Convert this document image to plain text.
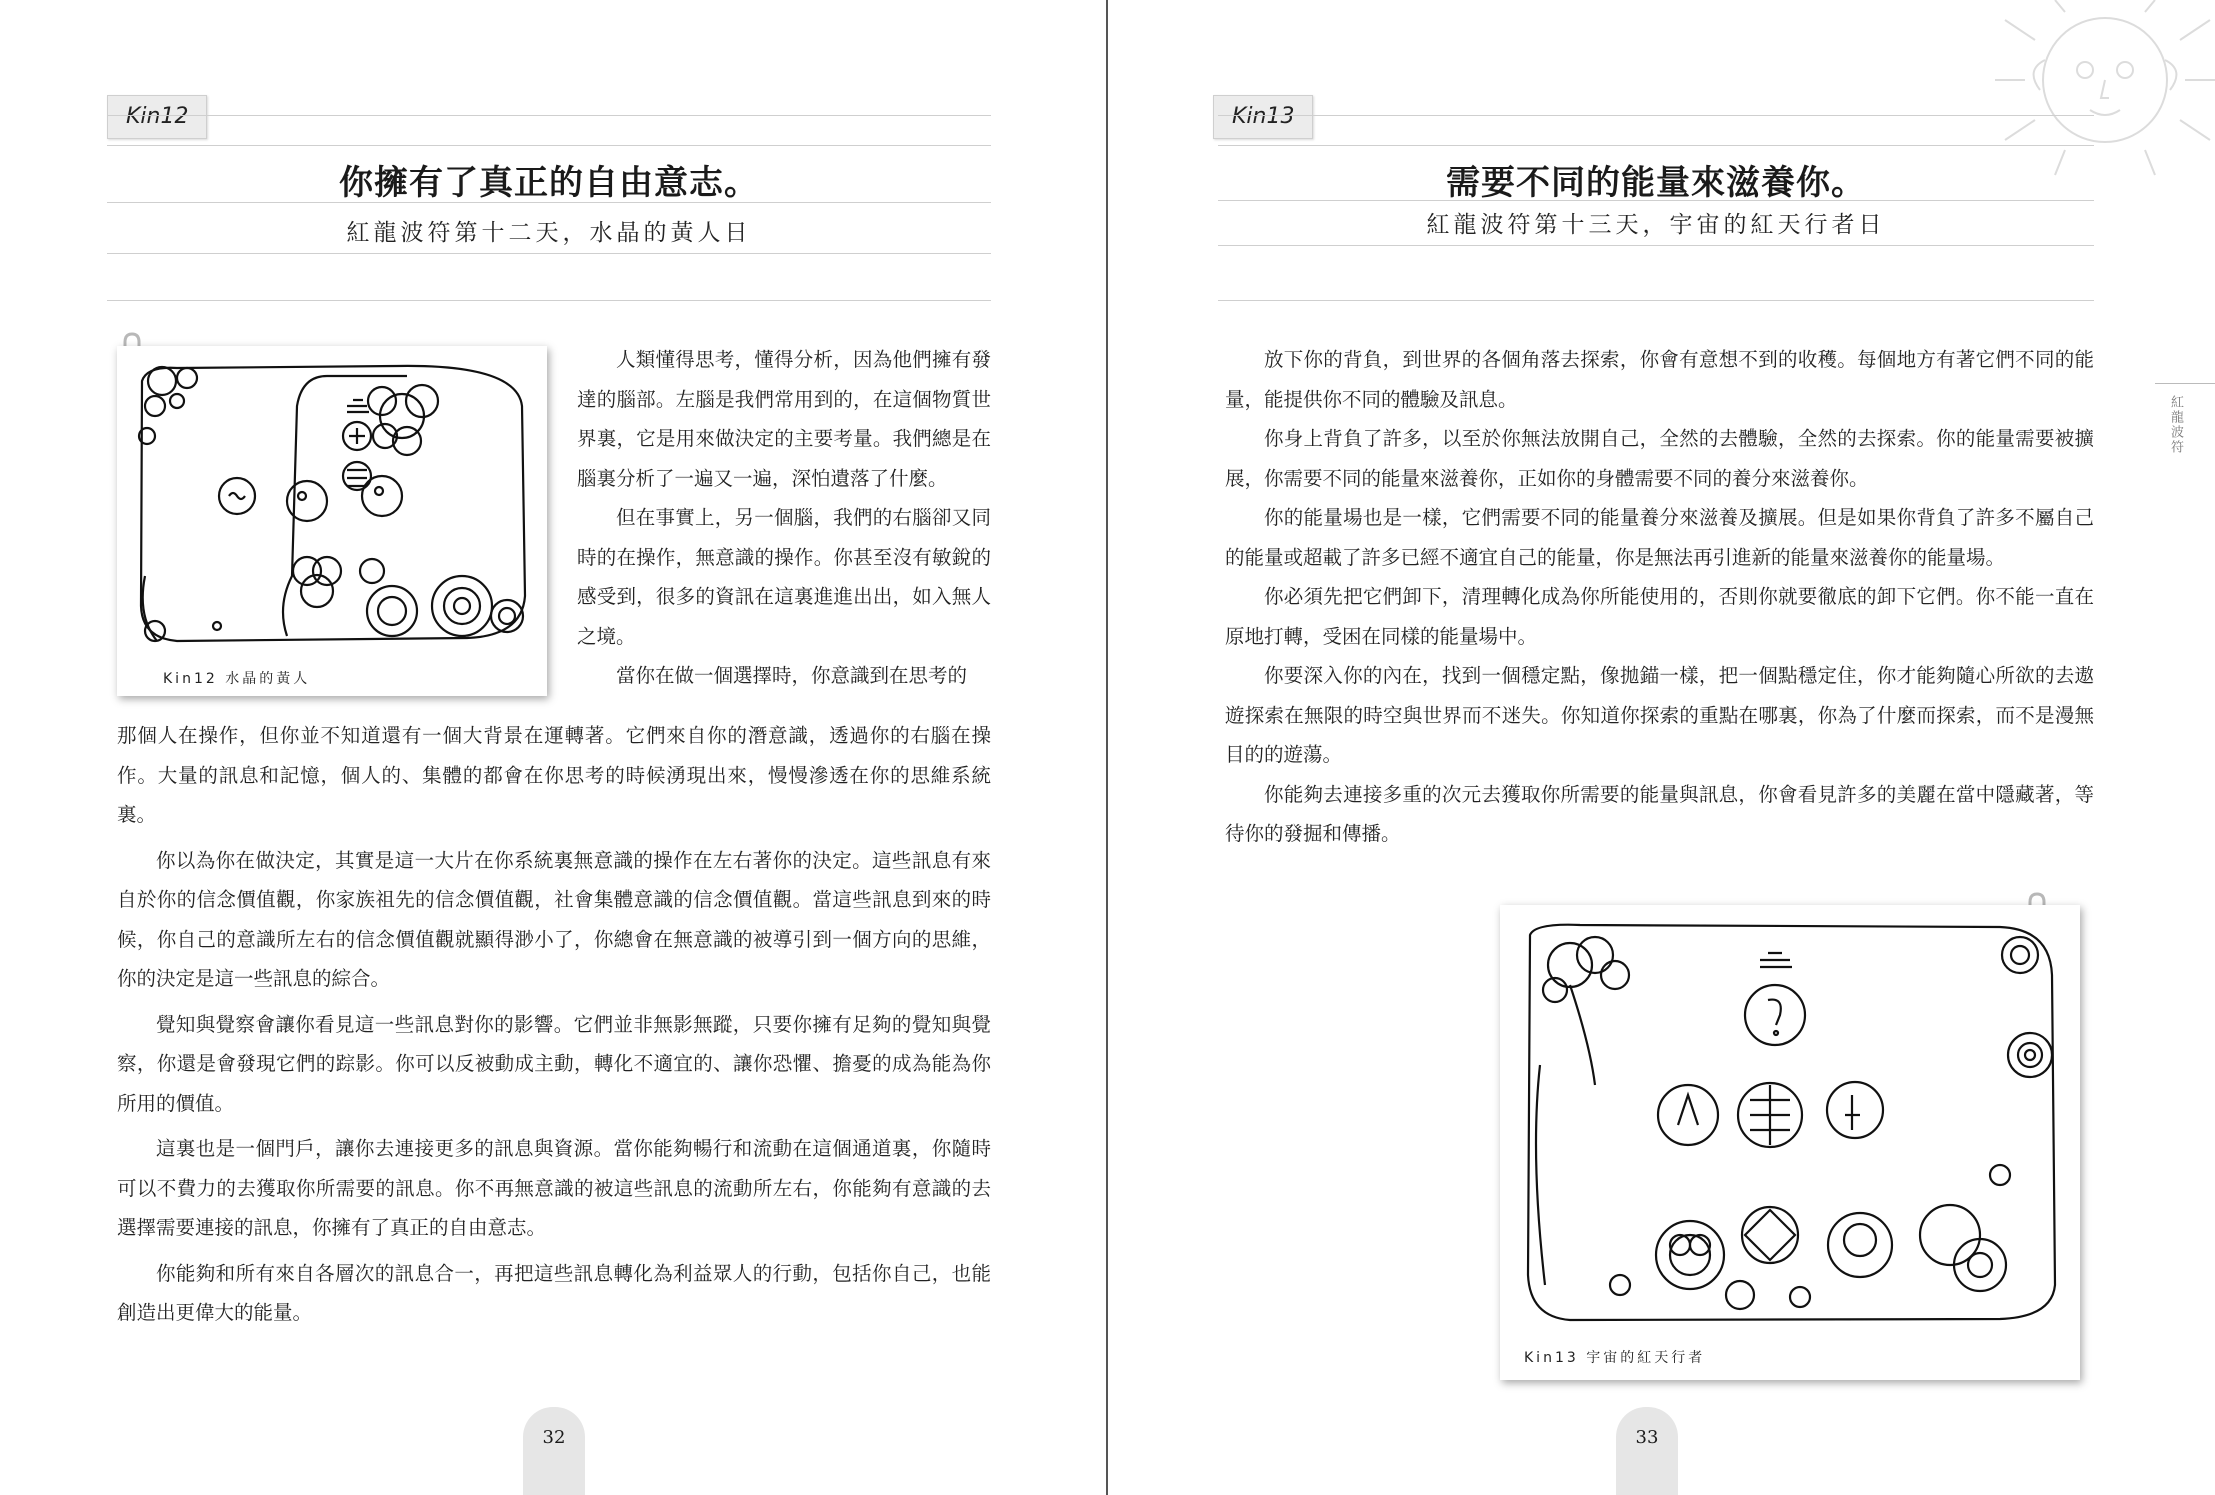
Kin12
你擁有了真正的自由意志。
紅龍波符第十二天，水晶的黃人日
Kin12 水晶的黃人

人類懂得思考，懂得分析，因為他們擁有發達的腦部。左腦是我們常用到的，在這個物質世界裏，它是用來做決定的主要考量。我們總是在腦裏分析了一遍又一遍，深怕遺落了什麼。

但在事實上，另一個腦，我們的右腦卻又同時的在操作，無意識的操作。你甚至沒有敏銳的感受到，很多的資訊在這裏進進出出，如入無人之境。

當你在做一個選擇時，你意識到在思考的

那個人在操作，但你並不知道還有一個大背景在運轉著。它們來自你的潛意識，透過你的右腦在操作。大量的訊息和記憶，個人的、集體的都會在你思考的時候湧現出來，慢慢滲透在你的思維系統裏。

你以為你在做決定，其實是這一大片在你系統裏無意識的操作在左右著你的決定。這些訊息有來自於你的信念價值觀，你家族祖先的信念價值觀，社會集體意識的信念價值觀。當這些訊息到來的時候，你自己的意識所左右的信念價值觀就顯得渺小了，你總會在無意識的被導引到一個方向的思維，你的決定是這一些訊息的綜合。

覺知與覺察會讓你看見這一些訊息對你的影響。它們並非無影無蹤，只要你擁有足夠的覺知與覺察，你還是會發現它們的踪影。你可以反被動成主動，轉化不適宜的、讓你恐懼、擔憂的成為能為你所用的價值。

這裏也是一個門戶，讓你去連接更多的訊息與資源。當你能夠暢行和流動在這個通道裏，你隨時可以不費力的去獲取你所需要的訊息。你不再無意識的被這些訊息的流動所左右，你能夠有意識的去選擇需要連接的訊息，你擁有了真正的自由意志。

你能夠和所有來自各層次的訊息合一，再把這些訊息轉化為利益眾人的行動，包括你自己，也能創造出更偉大的能量。

32
Kin13
需要不同的能量來滋養你。
紅龍波符第十三天，宇宙的紅天行者日
紅龍波符

放下你的背負，到世界的各個角落去探索，你會有意想不到的收穫。每個地方有著它們不同的能量，能提供你不同的體驗及訊息。

你身上背負了許多，以至於你無法放開自己，全然的去體驗，全然的去探索。你的能量需要被擴展，你需要不同的能量來滋養你，正如你的身體需要不同的養分來滋養你。

你的能量場也是一樣，它們需要不同的能量養分來滋養及擴展。但是如果你背負了許多不屬自己的能量或超載了許多已經不適宜自己的能量，你是無法再引進新的能量來滋養你的能量場。

你必須先把它們卸下，清理轉化成為你所能使用的，否則你就要徹底的卸下它們。你不能一直在原地打轉，受困在同樣的能量場中。

你要深入你的內在，找到一個穩定點，像拋錨一樣，把一個點穩定住，你才能夠隨心所欲的去遨遊探索在無限的時空與世界而不迷失。你知道你探索的重點在哪裏，你為了什麼而探索，而不是漫無目的的遊蕩。

你能夠去連接多重的次元去獲取你所需要的能量與訊息，你會看見許多的美麗在當中隱藏著，等待你的發掘和傳播。

Kin13 宇宙的紅天行者
33
